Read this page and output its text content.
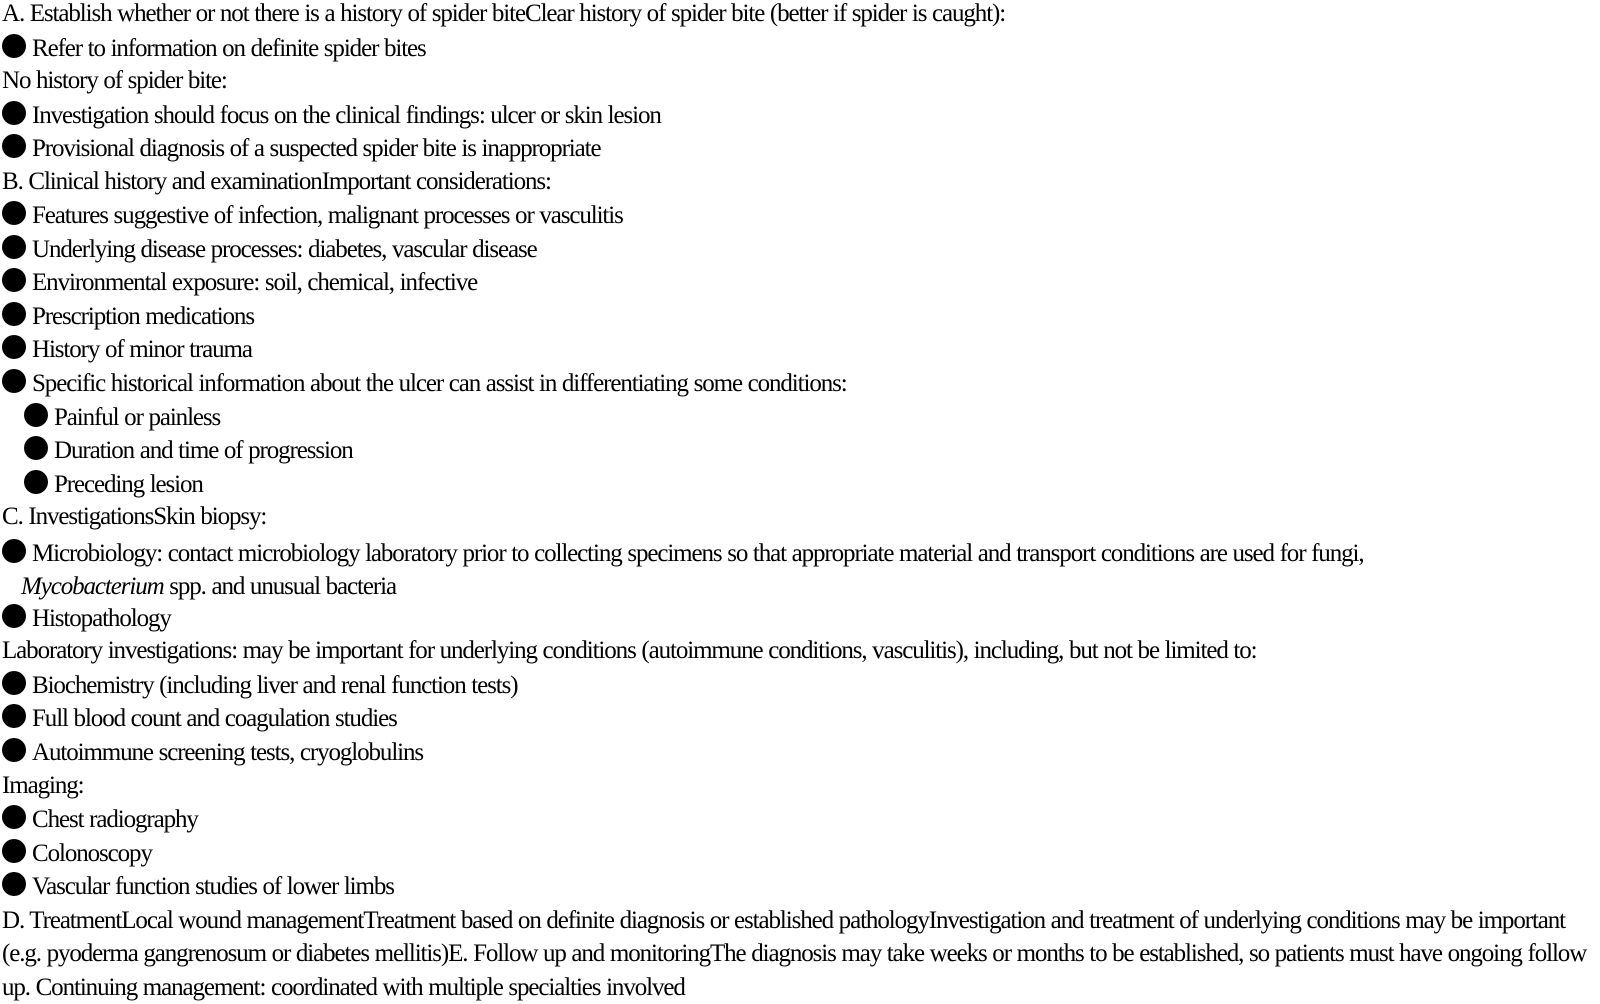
A. Establish whether or not there is a history of spider biteClear history of spider bite (better if spider is caught):
Refer to information on definite spider bites
No history of spider bite:
Investigation should focus on the clinical findings: ulcer or skin lesion
Provisional diagnosis of a suspected spider bite is inappropriate
B. Clinical history and examinationImportant considerations:
Features suggestive of infection, malignant processes or vasculitis
Underlying disease processes: diabetes, vascular disease
Environmental exposure: soil, chemical, infective
Prescription medications
History of minor trauma
Specific historical information about the ulcer can assist in differentiating some conditions:
Painful or painless
Duration and time of progression
Preceding lesion
C. InvestigationsSkin biopsy:
Microbiology: contact microbiology laboratory prior to collecting specimens so that appropriate material and transport conditions are used for fungi,
Mycobacterium spp. and unusual bacteria
Histopathology
Laboratory investigations: may be important for underlying conditions (autoimmune conditions, vasculitis), including, but not be limited to:
Biochemistry (including liver and renal function tests)
Full blood count and coagulation studies
Autoimmune screening tests, cryoglobulins
Imaging:
Chest radiography
Colonoscopy
Vascular function studies of lower limbs
D. TreatmentLocal wound managementTreatment based on definite diagnosis or established pathologyInvestigation and treatment of underlying conditions may be important (e.g. pyoderma gangrenosum or diabetes mellitis)E. Follow up and monitoringThe diagnosis may take weeks or months to be established, so patients must have ongoing follow up. Continuing management: coordinated with multiple specialties involved
